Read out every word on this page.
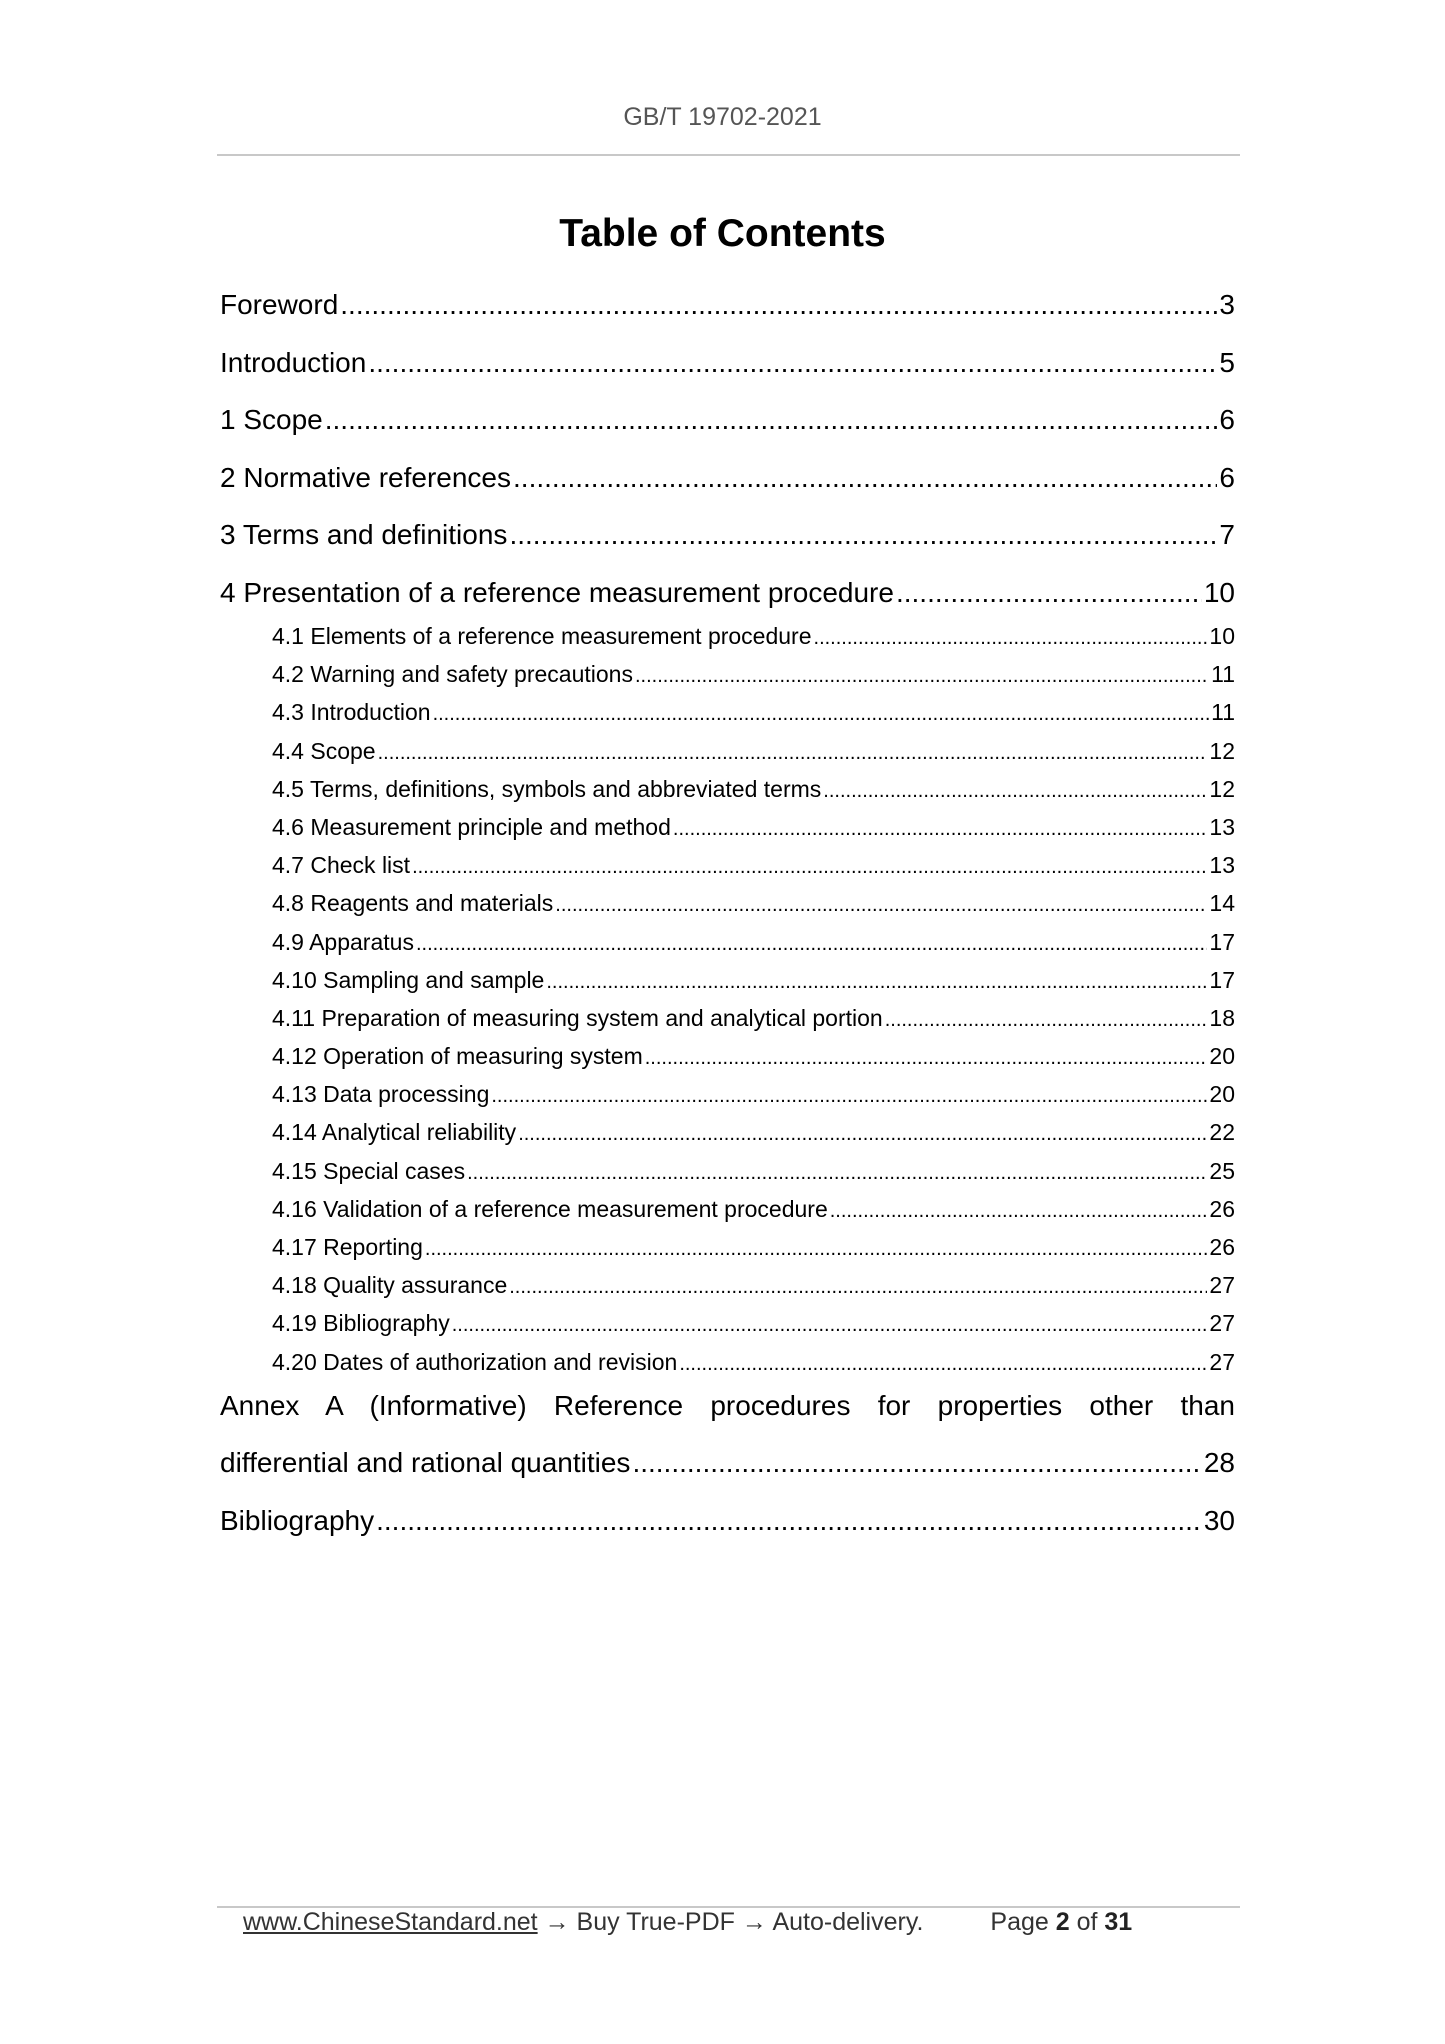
GB/T 19702-2021
Table of Contents
Foreword .....	3
Introduction .....	5
1 Scope .....	6
2 Normative references .....	6
3 Terms and definitions .....	7
4 Presentation of a reference measurement procedure .....	10
4.1 Elements of a reference measurement procedure .....	10
4.2 Warning and safety precautions .....	11
4.3 Introduction .....	11
4.4 Scope .....	12
4.5 Terms, definitions, symbols and abbreviated terms .....	12
4.6 Measurement principle and method .....	13
4.7 Check list .....	13
4.8 Reagents and materials .....	14
4.9 Apparatus .....	17
4.10 Sampling and sample .....	17
4.11 Preparation of measuring system and analytical portion .....	18
4.12 Operation of measuring system .....	20
4.13 Data processing .....	20
4.14 Analytical reliability .....	22
4.15 Special cases .....	25
4.16 Validation of a reference measurement procedure .....	26
4.17 Reporting .....	26
4.18 Quality assurance .....	27
4.19 Bibliography .....	27
4.20 Dates of authorization and revision .....	27
Annex A (Informative) Reference procedures for properties other than
differential and rational quantities .....	28
Bibliography .....	30
www.ChineseStandard.net → Buy True-PDF → Auto-delivery.	Page 2 of 31
